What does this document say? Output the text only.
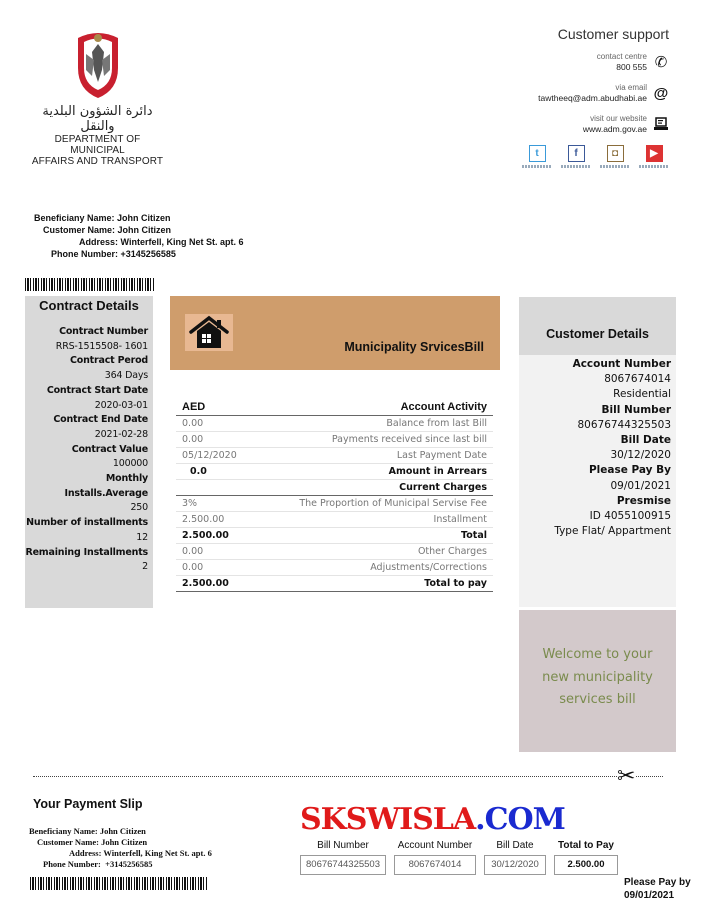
دائرة الشؤون البلدية والنقل
DEPARTMENT OF MUNICIPAL
AFFAIRS AND TRANSPORT
Customer support
contact centre
800 555 ✆
via email
tawtheeq@adm.abudhabi.ae @
visit our website
www.adm.gov.ae
t	f	◘	▶
Beneficiany Name: John Citizen
Customer Name: John Citizen
Address: Winterfell, King Net St. apt. 6
Phone Number: +3145256585
Contract Details
Contract Number
RRS-1515508- 1601
Contract Perod
364 Days
Contract Start Date
2020-03-01
Contract End Date
2021-02-28
Contract Value
100000
Monthly
Installs.Average
250
Number of installments
12
Remaining Installments
2
Municipality SrvicesBill
AED	Account Activity
0.00	Balance from last Bill
0.00	Payments received since last bill
05/12/2020	Last Payment Date
0.0	Amount in Arrears
Current Charges
3%	The Proportion of Municipal Servise Fee
2.500.00	Installment
2.500.00	Total
0.00	Other Charges
0.00	Adjustments/Corrections
2.500.00	Total to pay
Customer Details
Account Number
8067674014
Residential
Bill Number
80676744325503
Bill Date
30/12/2020
Please Pay By
09/01/2021
Presmise
ID 4055100915
Type Flat/ Appartment
Welcome to your
new municipality
services bill
✂
Your Payment Slip
Beneficiany Name: John Citizen
Customer Name: John Citizen
Address: Winterfell, King Net St. apt. 6
Phone Number: +3145256585
SKSWISLA.COM
Bill Number
80676744325503
Account Number
8067674014
Bill Date
30/12/2020
Total to Pay
2.500.00
Please Pay by
09/01/2021
